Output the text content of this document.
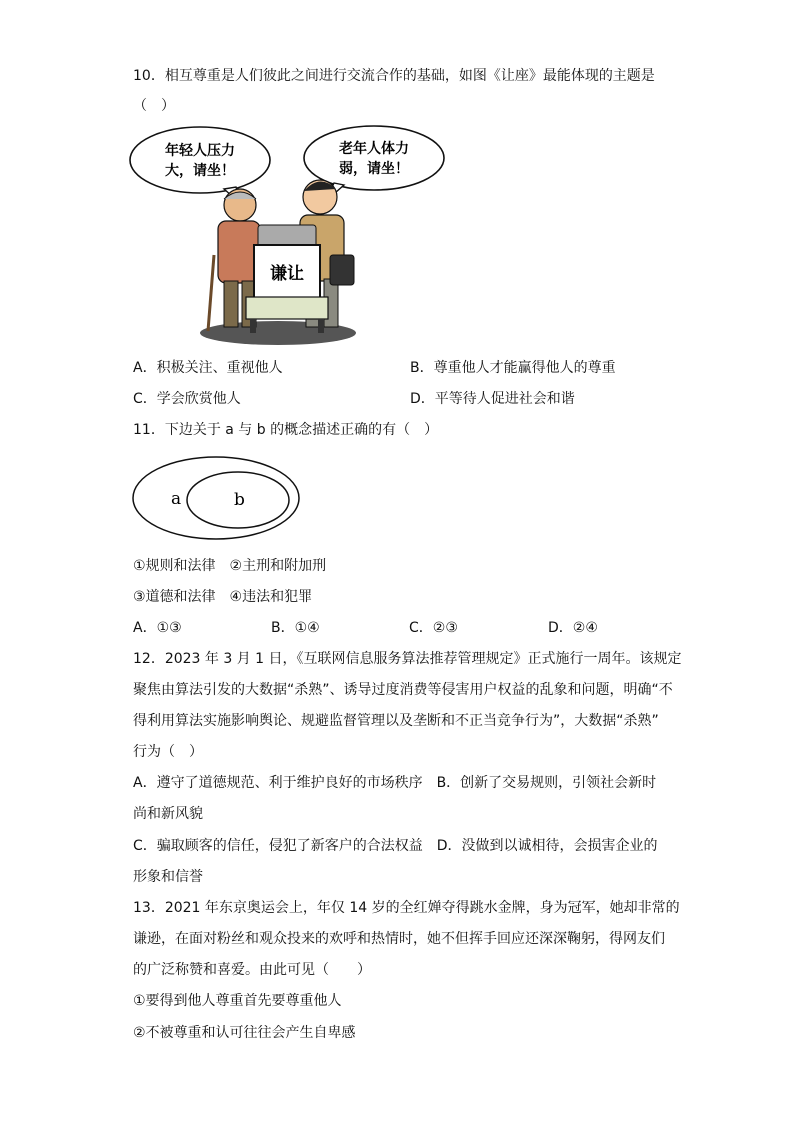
10．相互尊重是人们彼此之间进行交流合作的基础，如图《让座》最能体现的主题是
（　）
年轻人压力
大，请坐！
老年人体力
弱，请坐！
谦让
A．积极关注、重视他人	B．尊重他人才能赢得他人的尊重
C．学会欣赏他人	D．平等待人促进社会和谐
11．下边关于 a 与 b 的概念描述正确的有（　）
a	b
①规则和法律　②主刑和附加刑
③道德和法律　④违法和犯罪
A．①③	B．①④	C．②③	D．②④
12．2023 年 3 月 1 日，《互联网信息服务算法推荐管理规定》正式施行一周年。该规定
聚焦由算法引发的大数据“杀熟”、诱导过度消费等侵害用户权益的乱象和问题，明确“不
得利用算法实施影响舆论、规避监督管理以及垄断和不正当竞争行为”，大数据“杀熟”
行为（　）
A．遵守了道德规范、利于维护良好的市场秩序　B．创新了交易规则，引领社会新时
尚和新风貌
C．骗取顾客的信任，侵犯了新客户的合法权益　D．没做到以诚相待，会损害企业的
形象和信誉
13．2021 年东京奥运会上，年仅 14 岁的全红婵夺得跳水金牌，身为冠军，她却非常的
谦逊，在面对粉丝和观众投来的欢呼和热情时，她不但挥手回应还深深鞠躬，得网友们
的广泛称赞和喜爱。由此可见（　　）
①要得到他人尊重首先要尊重他人
②不被尊重和认可往往会产生自卑感
